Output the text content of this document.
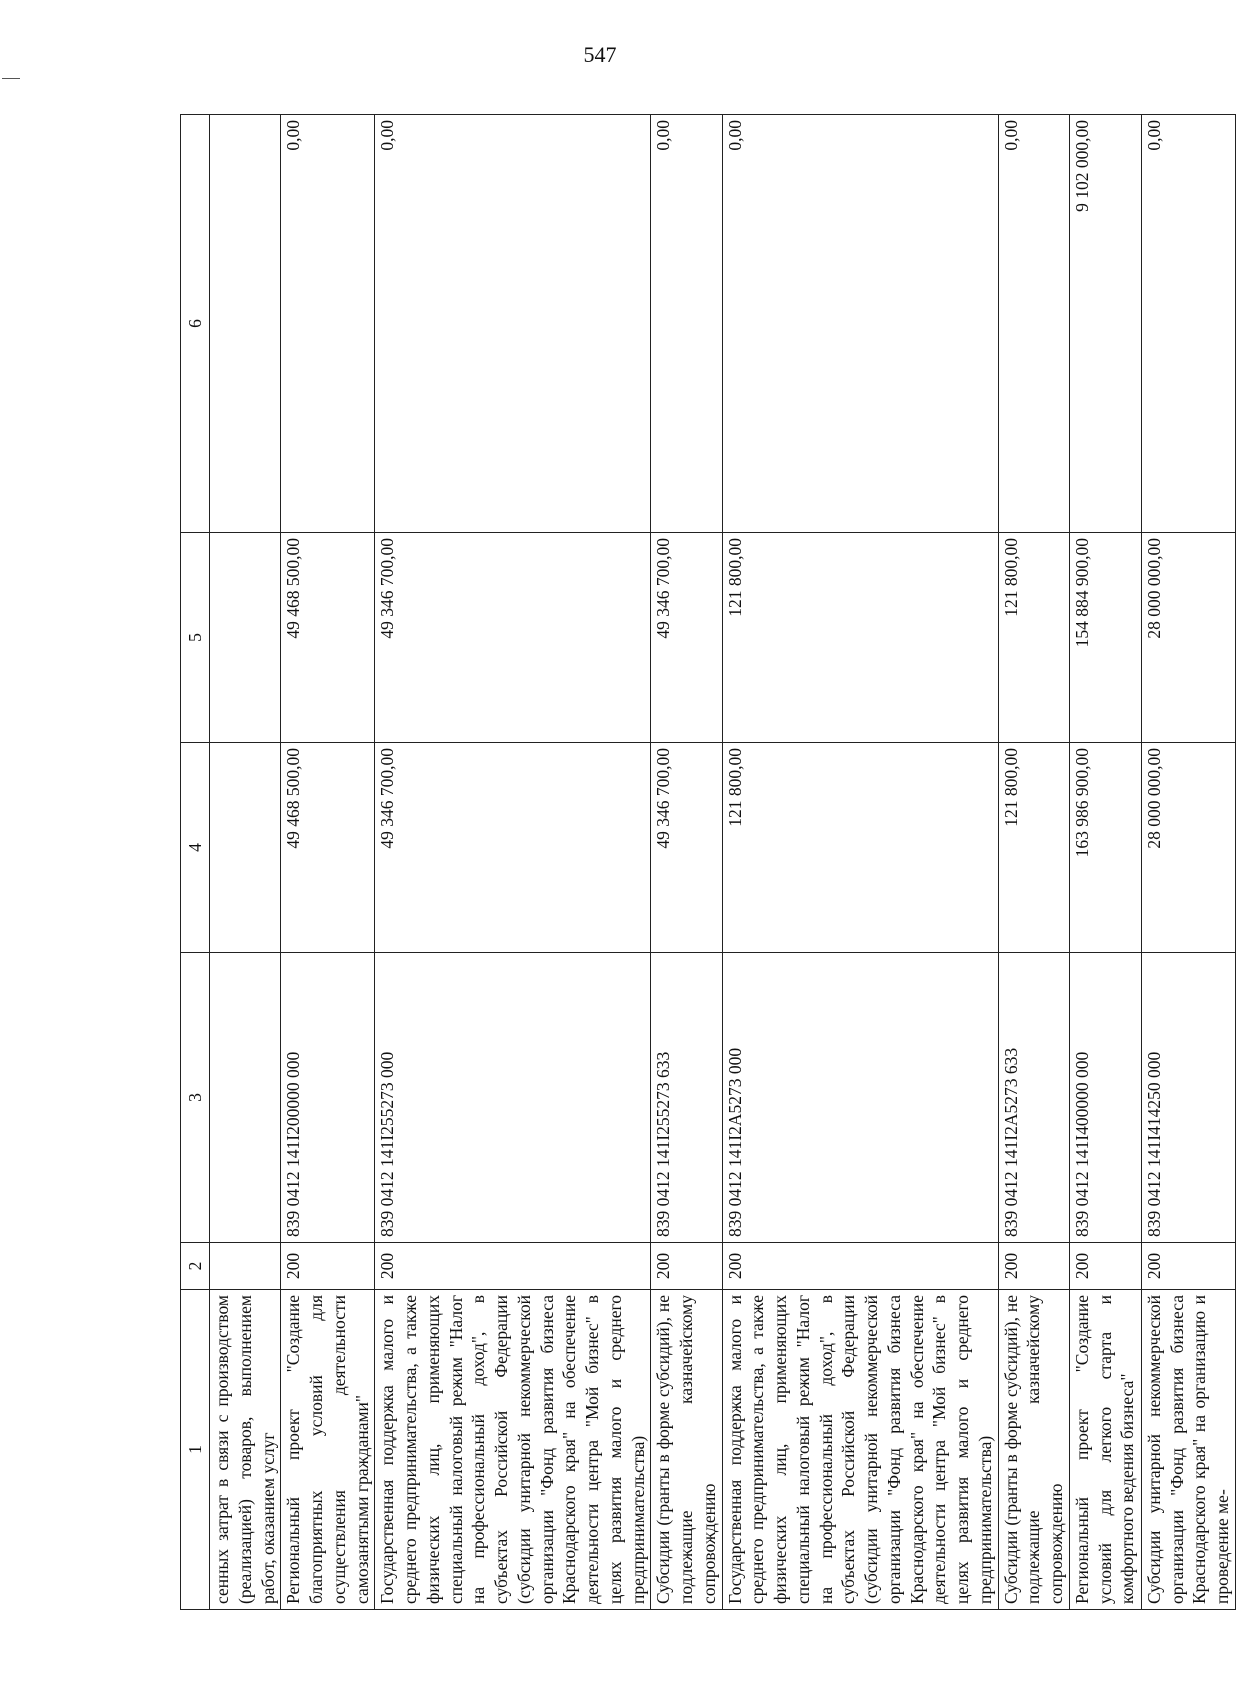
547
1	2	3	4	5	6
сенных затрат в связи с производством (реализацией) товаров, выполнением работ, оказанием услуг					
Региональный проект "Создание благоприятных условий для осуществления деятельности самозанятыми гражданами"	200	839 0412 141I200000 000	49 468 500,00	49 468 500,00	0,00
Государственная поддержка малого и среднего предпринимательства, а также физических лиц, применяющих специальный налоговый режим "Налог на профессиональный доход", в субъектах Российской Федерации (субсидии унитарной некоммерческой организации "Фонд развития бизнеса Краснодарского края" на обеспечение деятельности центра "Мой бизнес" в целях развития малого и среднего предпринимательства)	200	839 0412 141I255273 000	49 346 700,00	49 346 700,00	0,00
Субсидии (гранты в форме субсидий), не подлежащие казначейскому сопровождению	200	839 0412 141I255273 633	49 346 700,00	49 346 700,00	0,00
Государственная поддержка малого и среднего предпринимательства, а также физических лиц, применяющих специальный налоговый режим "Налог на профессиональный доход", в субъектах Российской Федерации (субсидии унитарной некоммерческой организации "Фонд развития бизнеса Краснодарского края" на обеспечение деятельности центра "Мой бизнес" в целях развития малого и среднего предпринимательства)	200	839 0412 141I2A5273 000	121 800,00	121 800,00	0,00
Субсидии (гранты в форме субсидий), не подлежащие казначейскому сопровождению	200	839 0412 141I2A5273 633	121 800,00	121 800,00	0,00
Региональный проект "Создание условий для легкого старта и комфортного ведения бизнеса"	200	839 0412 141I400000 000	163 986 900,00	154 884 900,00	9 102 000,00
Субсидии унитарной некоммерческой организации "Фонд развития бизнеса Краснодарского края" на организацию и проведение ме-	200	839 0412 141I414250 000	28 000 000,00	28 000 000,00	0,00
